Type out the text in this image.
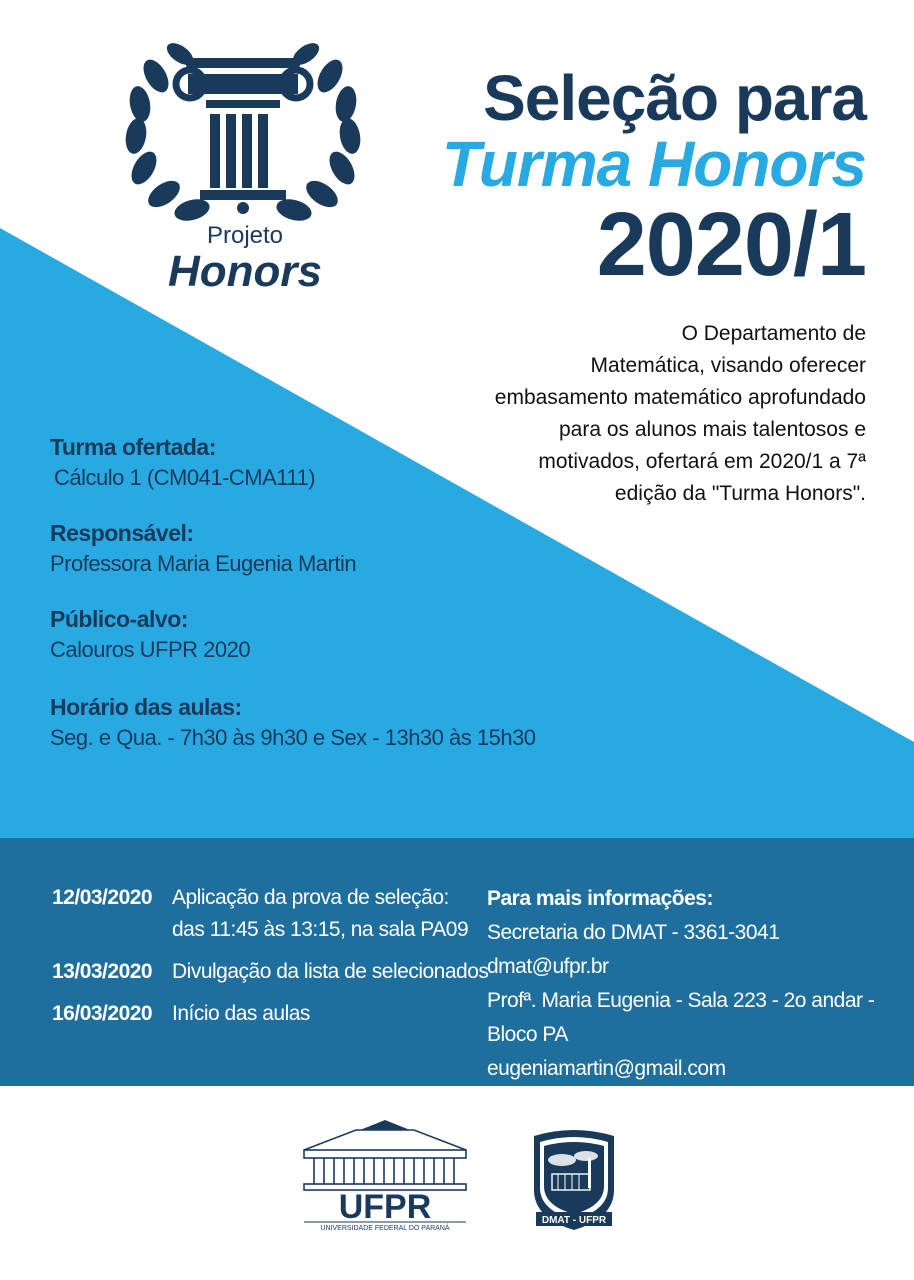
Projeto
Honors
Seleção para
Turma Honors
2020/1
O Departamento de
Matemática, visando oferecer
embasamento matemático aprofundado
para os alunos mais talentosos e
motivados, ofertará em 2020/1 a 7ª
edição da "Turma Honors".
Turma ofertada:
Cálculo 1 (CM041-CMA111)
Responsável:
Professora Maria Eugenia Martin
Público-alvo:
Calouros UFPR 2020
Horário das aulas:
Seg. e Qua. - 7h30 às 9h30 e Sex - 13h30 às 15h30
12/03/2020 Aplicação da prova de seleção:
das 11:45 às 13:15, na sala PA09
13/03/2020 Divulgação da lista de selecionados
16/03/2020 Início das aulas
Para mais informações:
Secretaria do DMAT - 3361-3041
dmat@ufpr.br
Profª. Maria Eugenia - Sala 223 - 2o andar - Bloco PA
eugeniamartin@gmail.com
UFPR
UNIVERSIDADE FEDERAL DO PARANÁ
DMAT - UFPR
